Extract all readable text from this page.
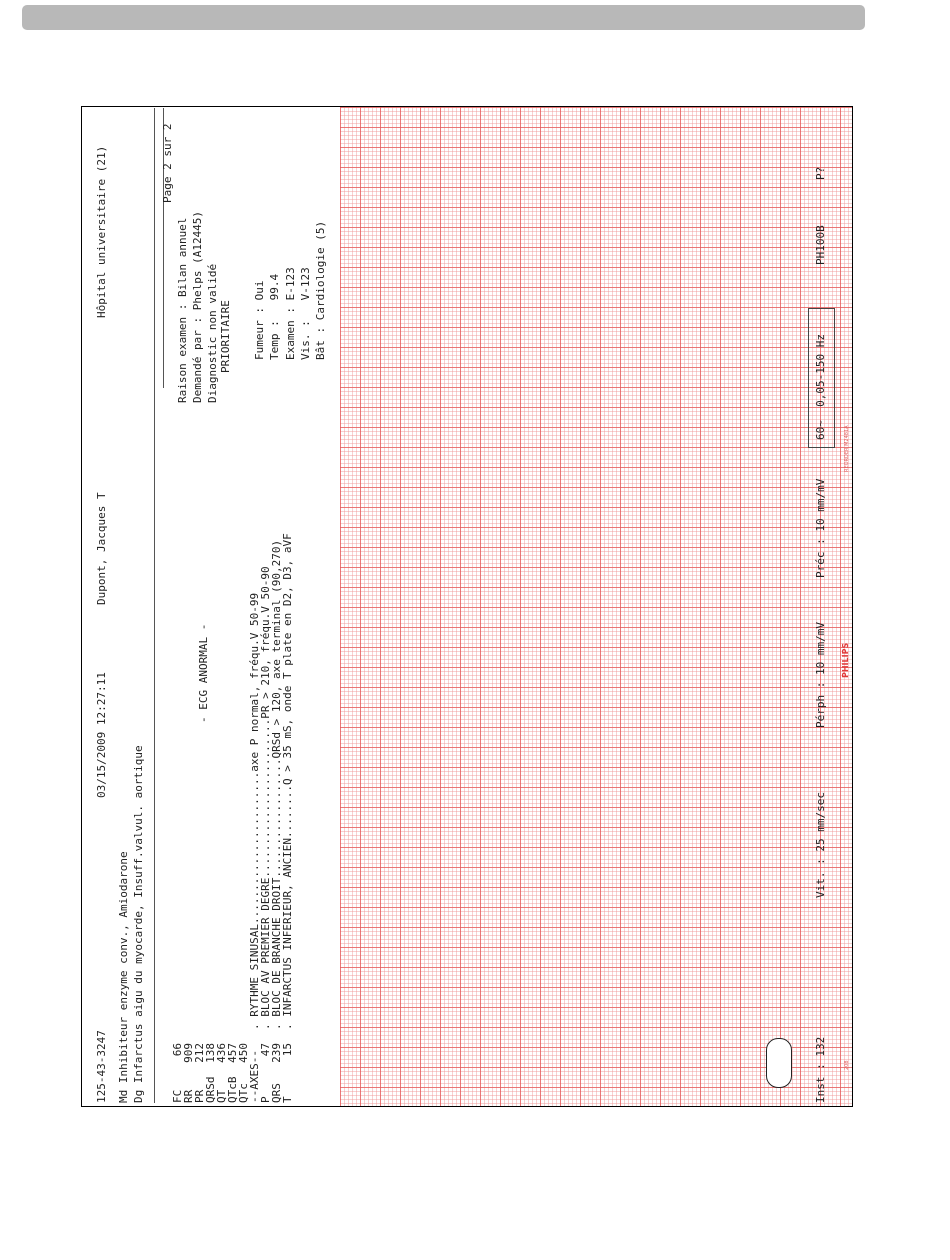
125-43-3247
03/15/2009 12:27:11
Dupont, Jacques T
Hôpital universitaire (21)
Md Inhibiteur enzyme conv., Amiodarone Dg Infarctus aigu du myocarde, Insuff.valvul. aortique FC
66
RR
909
PR
212
QRSd
138
QT
436
QTcB
457
QTc
450
--AXES--
P
47
QRS
239
T
15
- ECG ANORMAL -	. RYTHME SINUSAL.......................axe P normal, fréqu.V 50-99
. BLOC AV PREMIER DEGRE........................PR > 210, fréqu.V 50-90
. BLOC DE BRANCHE DROIT..................QRSd > 120, axe terminal (90,270)
. INFARCTUS INFERIEUR, ANCIEN........Q > 35 mS, onde T plate en D2, D3, aVF
Page 2 sur 2
Raison examen : Bilan annuel Demandé par : Phelps (A12445) Diagnostic non validé PRIORITAIRE Fumeur : Oui Temp :   99.4 Examen : E-123 Vis. :   V-123 Bât : Cardiologie (5)
Inst : 132
Vit. : 25 mm/sec
Pérph : 10 mm/mV
Préc : 10 mm/mV
60~  0,05-150 Hz
PH100B
P?
PHILIPS
208
REORDER M2481A
